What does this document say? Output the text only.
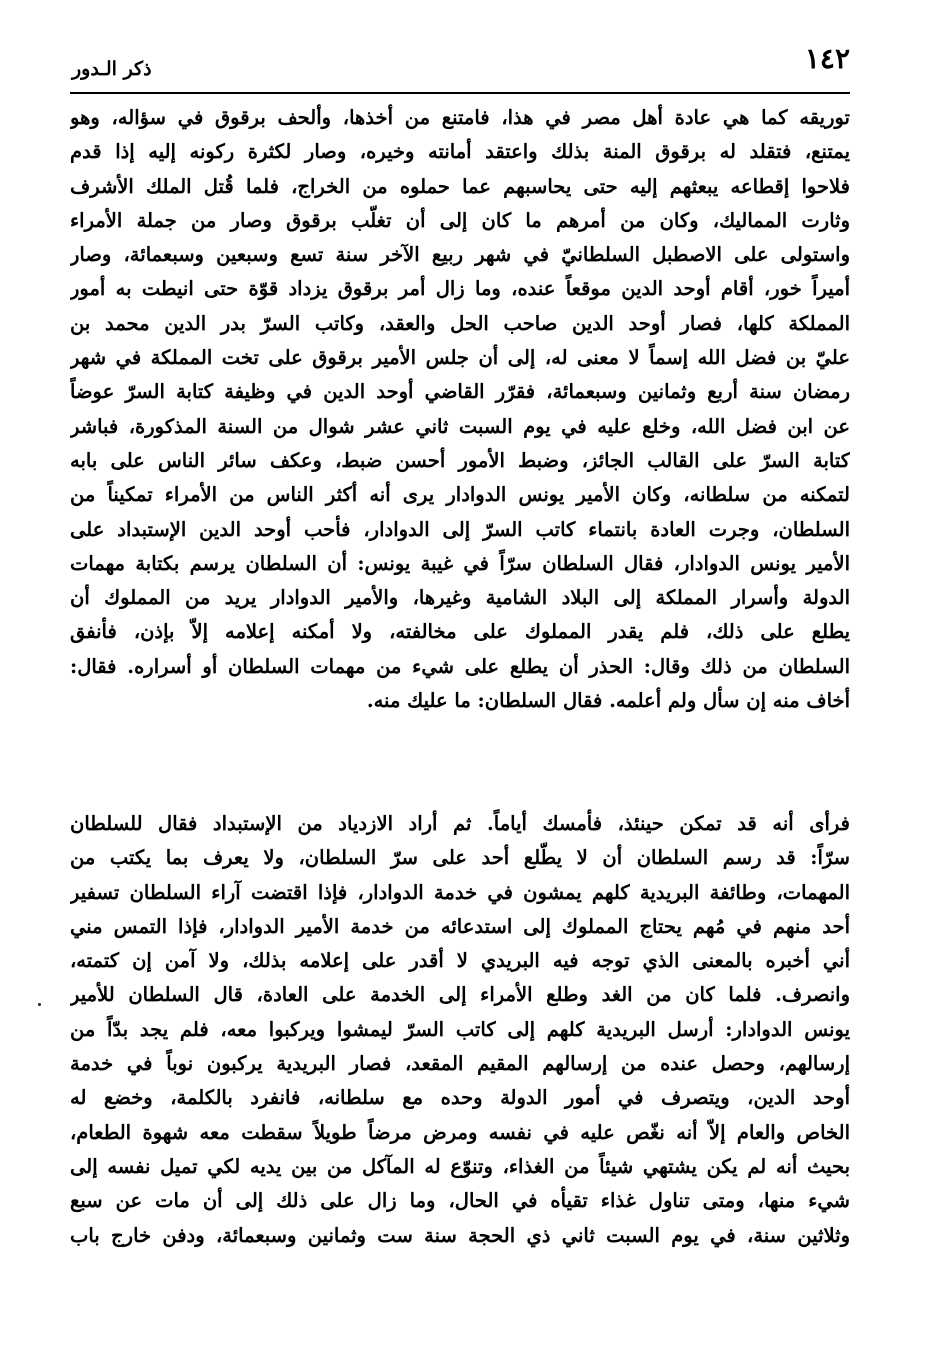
١٤٢
ذكر الـدور
توريقه كما هي عادة أهل مصر في هذا، فامتنع من أخذها، وألحف برقوق في سؤاله، وهو
يمتنع، فتقلد له برقوق المنة بذلك واعتقد أمانته وخيره، وصار لكثرة ركونه إليه إذا قدم
فلاحوا إقطاعه يبعثهم إليه حتى يحاسبهم عما حملوه من الخراج، فلما قُتل الملك الأشرف
وثارت المماليك، وكان من أمرهم ما كان إلى أن تغلّب برقوق وصار من جملة الأمراء
واستولى على الاصطبل السلطانيّ في شهر ربيع الآخر سنة تسع وسبعين وسبعمائة، وصار
أميراً خور، أقام أوحد الدين موقعاً عنده، وما زال أمر برقوق يزداد قوّة حتى انيطت به أمور
المملكة كلها، فصار أوحد الدين صاحب الحل والعقد، وكاتب السرّ بدر الدين محمد بن
عليّ بن فضل الله إسماً لا معنى له، إلى أن جلس الأمير برقوق على تخت المملكة في شهر
رمضان سنة أربع وثمانين وسبعمائة، فقرّر القاضي أوحد الدين في وظيفة كتابة السرّ عوضاً
عن ابن فضل الله، وخلع عليه في يوم السبت ثاني عشر شوال من السنة المذكورة، فباشر
كتابة السرّ على القالب الجائز، وضبط الأمور أحسن ضبط، وعكف سائر الناس على بابه
لتمكنه من سلطانه، وكان الأمير يونس الدوادار يرى أنه أكثر الناس من الأمراء تمكيناً من
السلطان، وجرت العادة بانتماء كاتب السرّ إلى الدوادار، فأحب أوحد الدين الإستبداد على
الأمير يونس الدوادار، فقال السلطان سرّاً في غيبة يونس: أن السلطان يرسم بكتابة مهمات
الدولة وأسرار المملكة إلى البلاد الشامية وغيرها، والأمير الدوادار يريد من المملوك أن
يطلع على ذلك، فلم يقدر المملوك على مخالفته، ولا أمكنه إعلامه إلاّ بإذن، فأنفق
السلطان من ذلك وقال: الحذر أن يطلع على شيء من مهمات السلطان أو أسراره. فقال:
أخاف منه إن سأل ولم أعلمه. فقال السلطان: ما عليك منه.
فرأى أنه قد تمكن حينئذ، فأمسك أياماً. ثم أراد الازدياد من الإستبداد فقال للسلطان
سرّاً: قد رسم السلطان أن لا يطّلع أحد على سرّ السلطان، ولا يعرف بما يكتب من
المهمات، وطائفة البريدية كلهم يمشون في خدمة الدوادار، فإذا اقتضت آراء السلطان تسفير
أحد منهم في مُهم يحتاج المملوك إلى استدعائه من خدمة الأمير الدوادار، فإذا التمس مني
أني أخبره بالمعنى الذي توجه فيه البريدي لا أقدر على إعلامه بذلك، ولا آمن إن كتمته،
وانصرف. فلما كان من الغد وطلع الأمراء إلى الخدمة على العادة، قال السلطان للأمير
يونس الدوادار: أرسل البريدية كلهم إلى كاتب السرّ ليمشوا ويركبوا معه، فلم يجد بدّاً من
إرسالهم، وحصل عنده من إرسالهم المقيم المقعد، فصار البريدية يركبون نوباً في خدمة
أوحد الدين، ويتصرف في أمور الدولة وحده مع سلطانه، فانفرد بالكلمة، وخضع له
الخاص والعام إلاّ أنه نغّص عليه في نفسه ومرض مرضاً طويلاً سقطت معه شهوة الطعام،
بحيث أنه لم يكن يشتهي شيئاً من الغذاء، وتنوّع له المآكل من بين يديه لكي تميل نفسه إلى
شيء منها، ومتى تناول غذاء تقيأه في الحال، وما زال على ذلك إلى أن مات عن سبع
وثلاثين سنة، في يوم السبت ثاني ذي الحجة سنة ست وثمانين وسبعمائة، ودفن خارج باب
